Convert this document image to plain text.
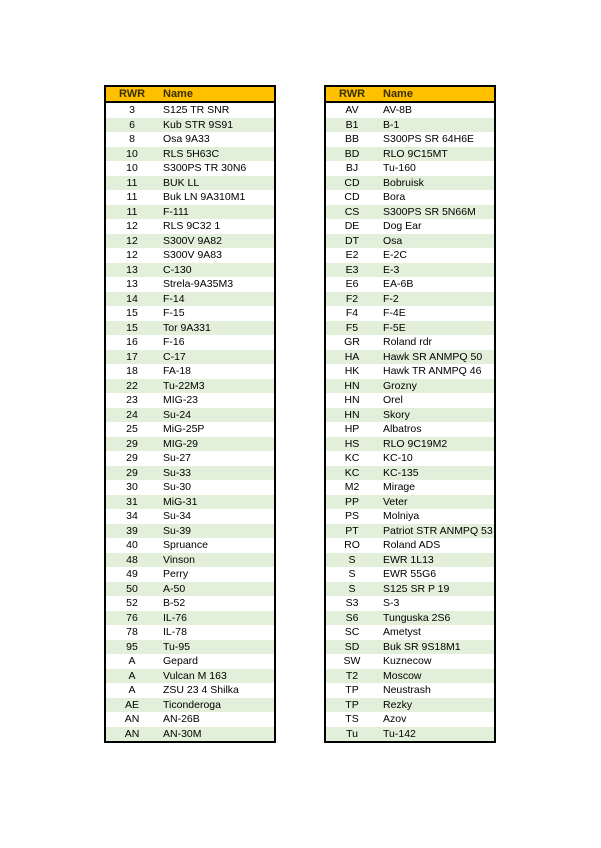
RWR	Name
3	S125 TR SNR
6	Kub STR 9S91
8	Osa 9A33
10	RLS 5H63C
10	S300PS TR 30N6
11	BUK LL
11	Buk LN 9A310M1
11	F-111
12	RLS 9C32 1
12	S300V 9A82
12	S300V 9A83
13	C-130
13	Strela-9A35M3
14	F-14
15	F-15
15	Tor 9A331
16	F-16
17	C-17
18	FA-18
22	Tu-22M3
23	MIG-23
24	Su-24
25	MiG-25P
29	MIG-29
29	Su-27
29	Su-33
30	Su-30
31	MiG-31
34	Su-34
39	Su-39
40	Spruance
48	Vinson
49	Perry
50	A-50
52	B-52
76	IL-76
78	IL-78
95	Tu-95
A	Gepard
A	Vulcan M 163
A	ZSU 23 4 Shilka
AE	Ticonderoga
AN	AN-26B
AN	AN-30M
RWR	Name
AV	AV-8B
B1	B-1
BB	S300PS SR 64H6E
BD	RLO 9C15MT
BJ	Tu-160
CD	Bobruisk
CD	Bora
CS	S300PS SR 5N66M
DE	Dog Ear
DT	Osa
E2	E-2C
E3	E-3
E6	EA-6B
F2	F-2
F4	F-4E
F5	F-5E
GR	Roland rdr
HA	Hawk SR ANMPQ 50
HK	Hawk TR ANMPQ 46
HN	Grozny
HN	Orel
HN	Skory
HP	Albatros
HS	RLO 9C19M2
KC	KC-10
KC	KC-135
M2	Mirage
PP	Veter
PS	Molniya
PT	Patriot STR ANMPQ 53
RO	Roland ADS
S	EWR 1L13
S	EWR 55G6
S	S125 SR P 19
S3	S-3
S6	Tunguska 2S6
SC	Ametyst
SD	Buk SR 9S18M1
SW	Kuznecow
T2	Moscow
TP	Neustrash
TP	Rezky
TS	Azov
Tu	Tu-142
